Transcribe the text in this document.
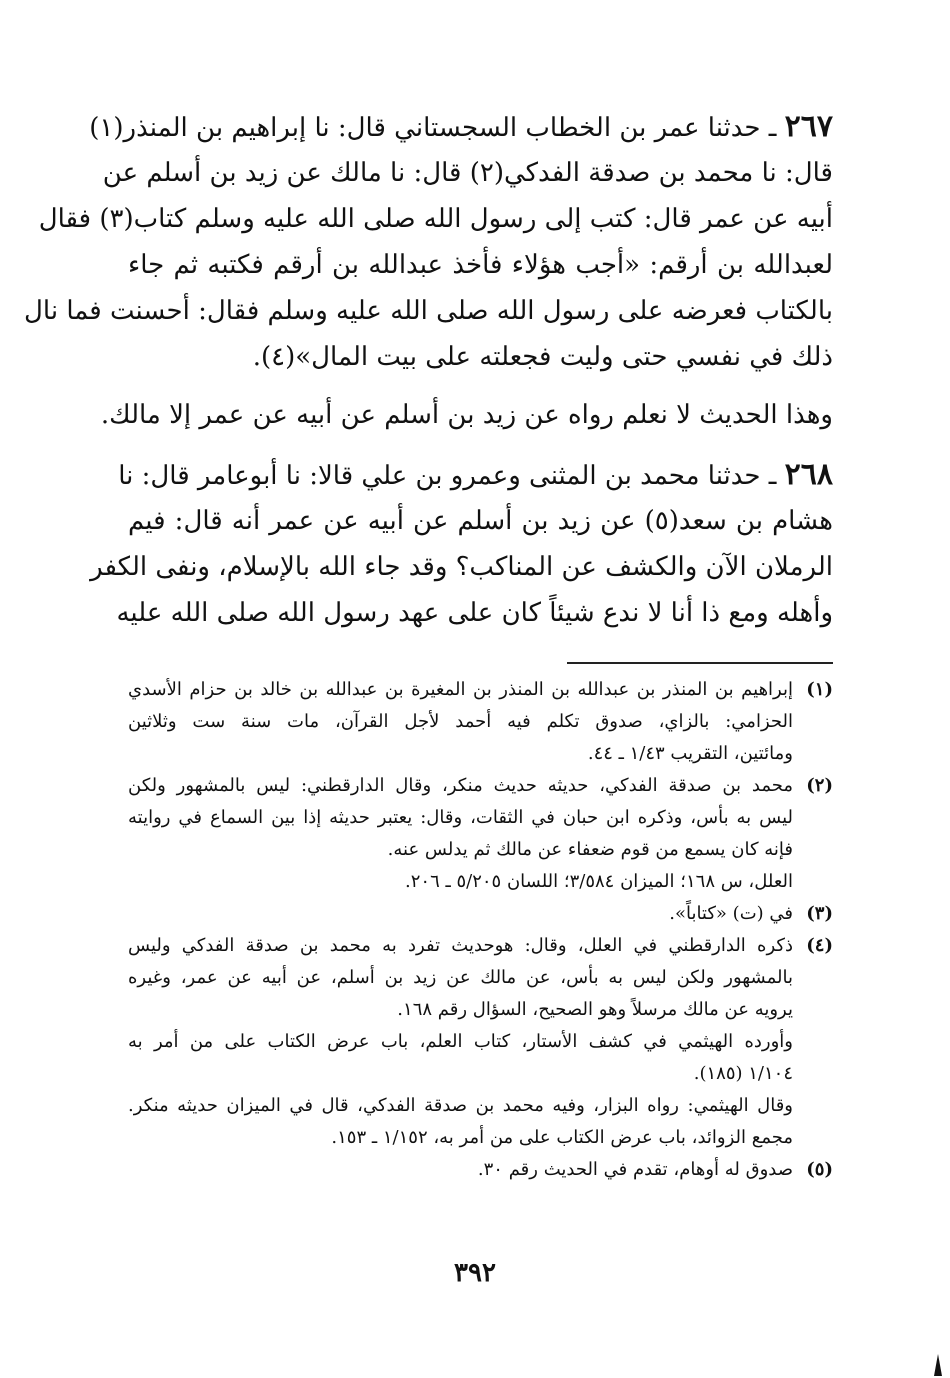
٢٦٧ ـ حدثنا عمر بن الخطاب السجستاني قال: نا إبراهيم بن المنذر(١)
قال: نا محمد بن صدقة الفدكي(٢) قال: نا مالك عن زيد بن أسلم عن
أبيه عن عمر قال: كتب إلى رسول الله صلى الله عليه وسلم كتاب(٣) فقال
لعبدالله بن أرقم: «أجب هؤلاء فأخذ عبدالله بن أرقم فكتبه ثم جاء
بالكتاب فعرضه على رسول الله صلى الله عليه وسلم فقال: أحسنت فما نال
ذلك في نفسي حتى وليت فجعلته على بيت المال»(٤).
وهذا الحديث لا نعلم رواه عن زيد بن أسلم عن أبيه عن عمر إلا مالك.
٢٦٨ ـ حدثنا محمد بن المثنى وعمرو بن علي قالا: نا أبوعامر قال: نا
هشام بن سعد(٥) عن زيد بن أسلم عن أبيه عن عمر أنه قال: فيم
الرملان الآن والكشف عن المناكب؟ وقد جاء الله بالإسلام، ونفى الكفر
وأهله ومع ذا أنا لا ندع شيئاً كان على عهد رسول الله صلى الله عليه
(١)
إبراهيم بن المنذر بن عبدالله بن المنذر بن المغيرة بن عبدالله بن خالد بن حزام الأسدي
الحزامي: بالزاي، صدوق تكلم فيه أحمد لأجل القرآن، مات سنة ست وثلاثين
ومائتين، التقريب ١/٤٣ ـ ٤٤.
(٢)
محمد بن صدقة الفدكي، حديثه حديث منكر، وقال الدارقطني: ليس بالمشهور ولكن
ليس به بأس، وذكره ابن حبان في الثقات، وقال: يعتبر حديثه إذا بين السماع في روايته
فإنه كان يسمع من قوم ضعفاء عن مالك ثم يدلس عنه.
العلل، س ١٦٨؛ الميزان ٣/٥٨٤؛ اللسان ٥/٢٠٥ ـ ٢٠٦.
(٣)
في (ت) «كتاباً».
(٤)
ذكره الدارقطني في العلل، وقال: هوحديث تفرد به محمد بن صدقة الفدكي وليس
بالمشهور ولكن ليس به بأس، عن مالك عن زيد بن أسلم، عن أبيه عن عمر، وغيره
يرويه عن مالك مرسلاً وهو الصحيح، السؤال رقم ١٦٨.
وأورده الهيثمي في كشف الأستار، كتاب العلم، باب عرض الكتاب على من أمر به
١/١٠٤ (١٨٥).
وقال الهيثمي: رواه البزار، وفيه محمد بن صدقة الفدكي، قال في الميزان حديثه منكر.
مجمع الزوائد، باب عرض الكتاب على من أمر به، ١/١٥٢ ـ ١٥٣.
(٥)
صدوق له أوهام، تقدم في الحديث رقم ٣٠.
٣٩٢
